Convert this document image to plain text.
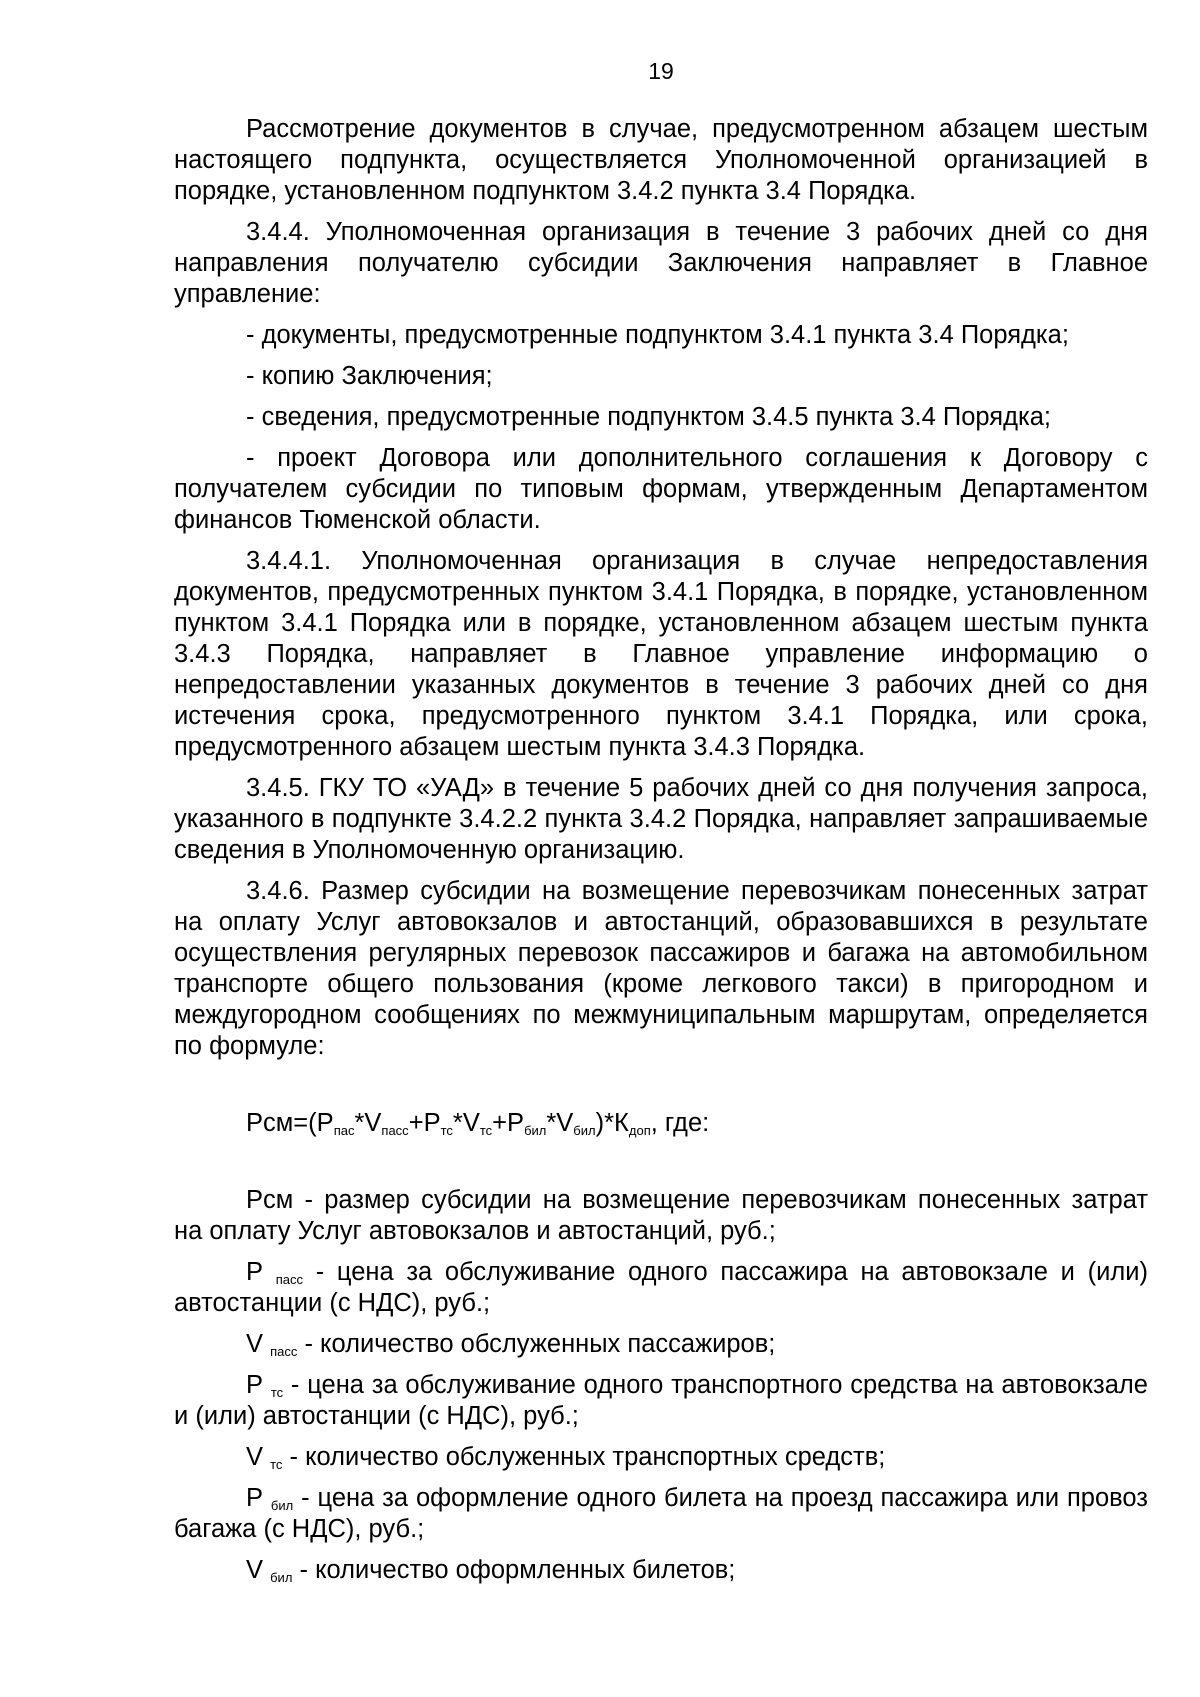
19

Рассмотрение документов в случае, предусмотренном абзацем шестым настоящего подпункта, осуществляется Уполномоченной организацией в порядке, установленном подпунктом 3.4.2 пункта 3.4 Порядка.

3.4.4. Уполномоченная организация в течение 3 рабочих дней со дня направления получателю субсидии Заключения направляет в Главное управление:

- документы, предусмотренные подпунктом 3.4.1 пункта 3.4 Порядка;

- копию Заключения;

- сведения, предусмотренные подпунктом 3.4.5 пункта 3.4 Порядка;

- проект Договора или дополнительного соглашения к Договору с получателем субсидии по типовым формам, утвержденным Департаментом финансов Тюменской области.

3.4.4.1. Уполномоченная организация в случае непредоставления документов, предусмотренных пунктом 3.4.1 Порядка, в порядке, установленном пунктом 3.4.1 Порядка или в порядке, установленном абзацем шестым пункта 3.4.3 Порядка, направляет в Главное управление информацию о непредоставлении указанных документов в течение 3 рабочих дней со дня истечения срока, предусмотренного пунктом 3.4.1 Порядка, или срока, предусмотренного абзацем шестым пункта 3.4.3 Порядка.

3.4.5. ГКУ ТО «УАД» в течение 5 рабочих дней со дня получения запроса, указанного в подпункте 3.4.2.2 пункта 3.4.2 Порядка, направляет запрашиваемые сведения в Уполномоченную организацию.

3.4.6. Размер субсидии на возмещение перевозчикам понесенных затрат на оплату Услуг автовокзалов и автостанций, образовавшихся в результате осуществления регулярных перевозок пассажиров и багажа на автомобильном транспорте общего пользования (кроме легкового такси) в пригородном и междугородном сообщениях по межмуниципальным маршрутам, определяется по формуле:

$Рсм=(Р_{пас}*V_{пасс}+Р_{тс}*V_{тс}+Р_{бил}*V_{бил})*К_{доп}$, где:

Рсм - размер субсидии на возмещение перевозчикам понесенных затрат на оплату Услуг автовокзалов и автостанций, руб.;

Р $_{пасс}$ - цена за обслуживание одного пассажира на автовокзале и (или) автостанции (с НДС), руб.;

V $_{пасс}$ - количество обслуженных пассажиров;

Р $_{тс}$ - цена за обслуживание одного транспортного средства на автовокзале и (или) автостанции (с НДС), руб.;

V $_{тс}$ - количество обслуженных транспортных средств;

Р $_{бил}$ - цена за оформление одного билета на проезд пассажира или провоз багажа (с НДС), руб.;

V $_{бил}$ - количество оформленных билетов;
